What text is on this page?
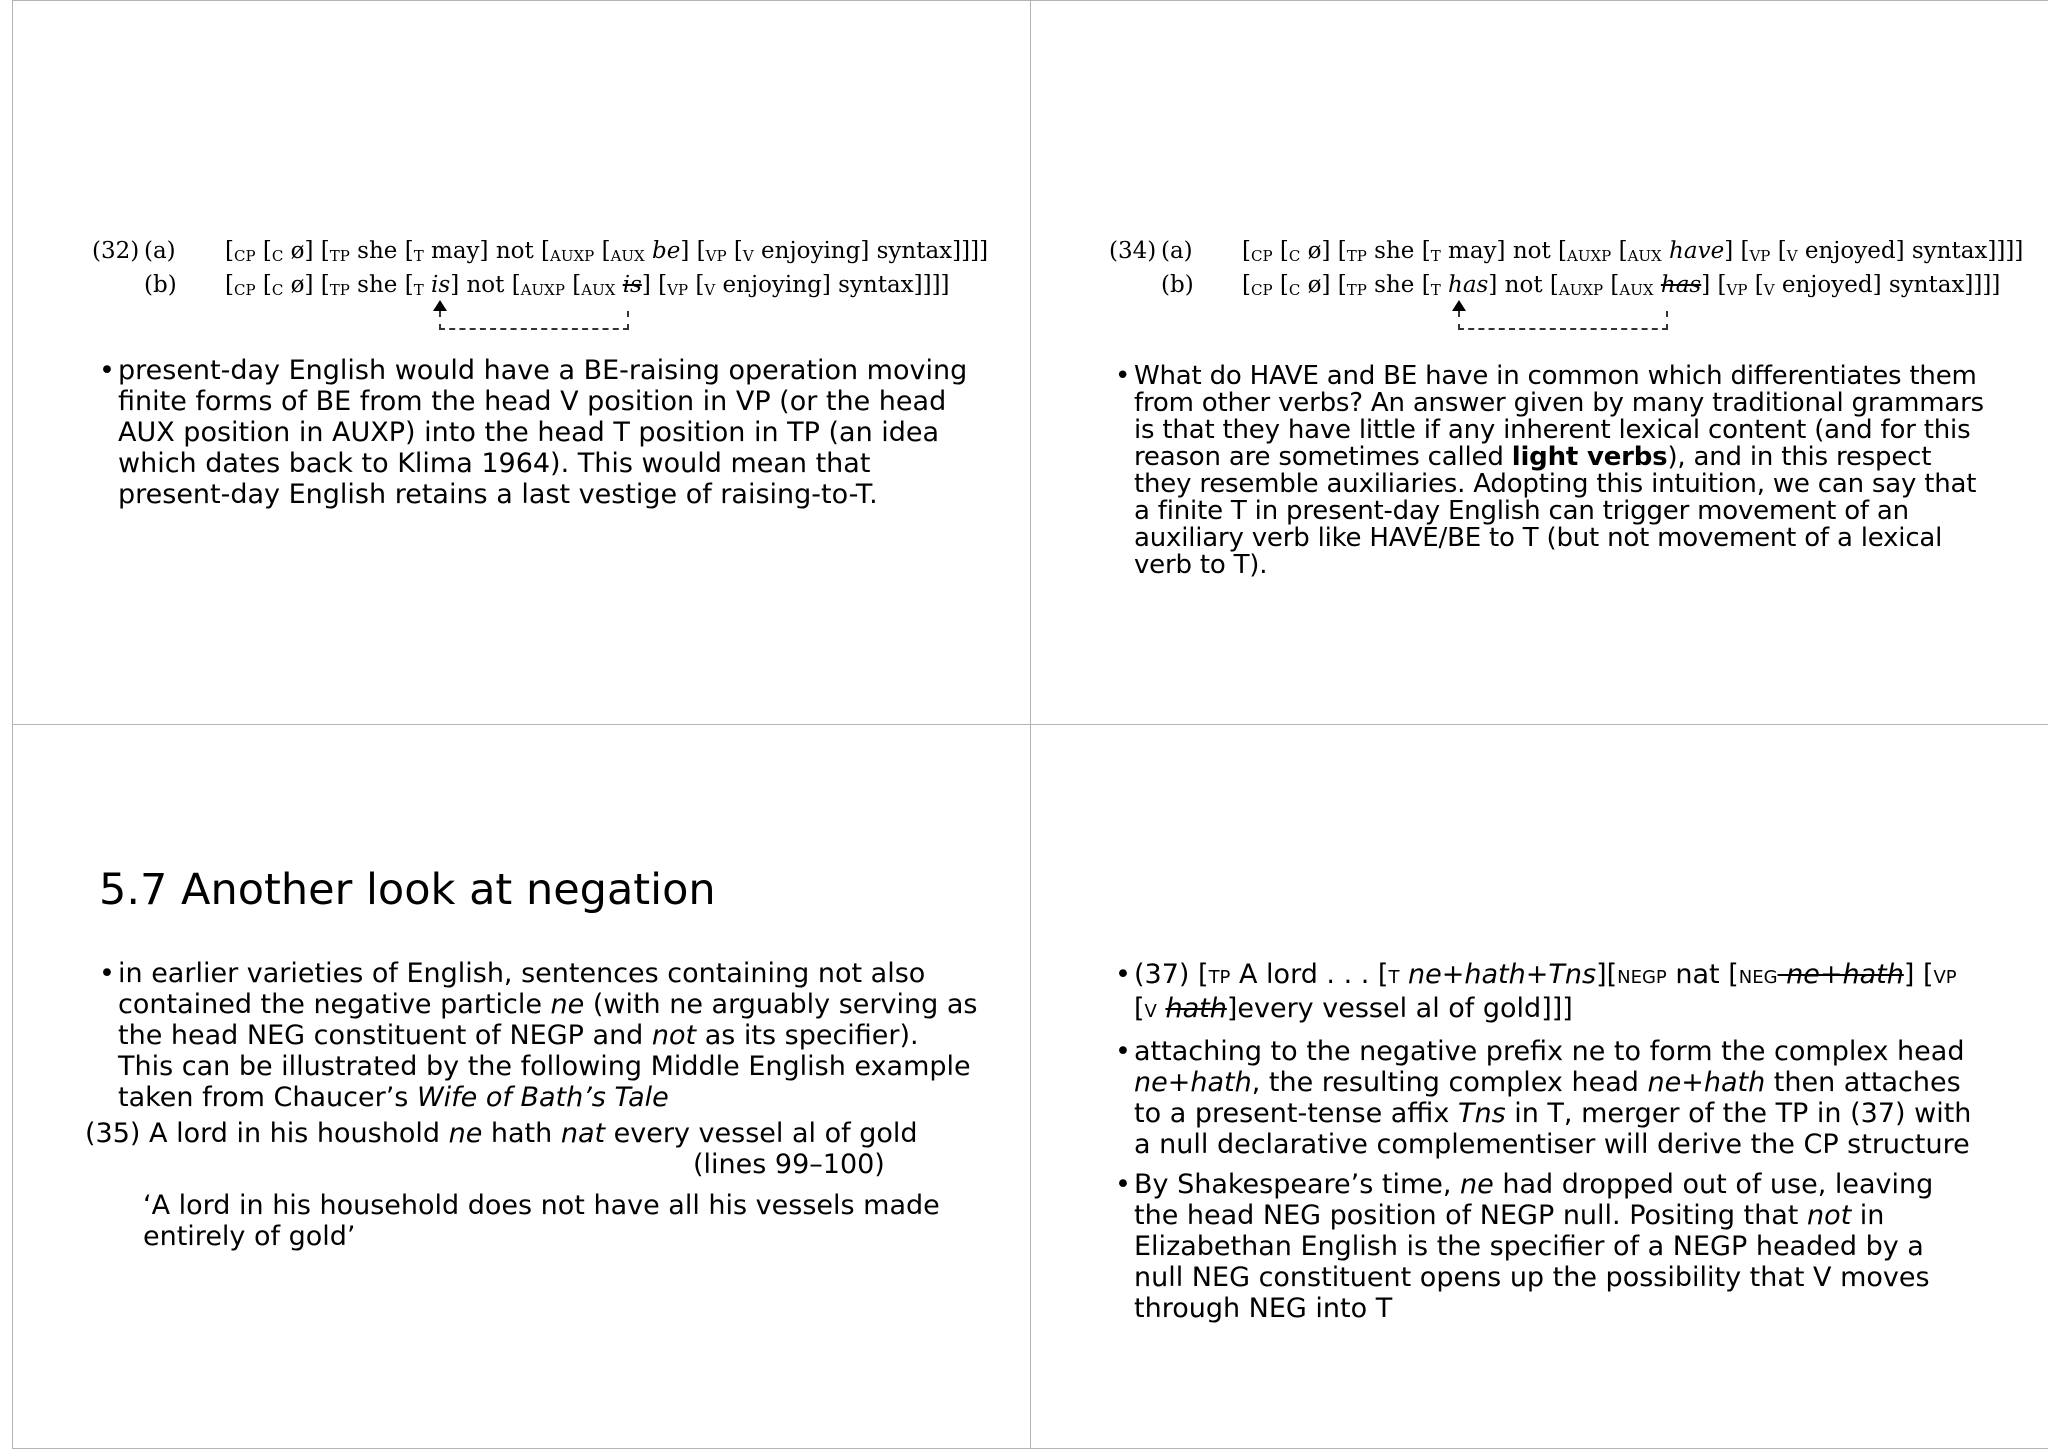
(32) (a) [$_{CP}$ [$_C$ ø] [$_{TP}$ she [$_T$ may] not [$_{AUXP}$ [$_{AUX}$ be] [$_{VP}$ [$_V$ enjoying] syntax]]]]
(b) [$_{CP}$ [$_C$ ø] [$_{TP}$ she [$_T$ is] not [$_{AUXP}$ [$_{AUX}$ is] [$_{VP}$ [$_V$ enjoying] syntax]]]]

• present-day English would have a BE-raising operation moving finite forms of BE from the head V position in VP (or the head AUX position in AUXP) into the head T position in TP (an idea which dates back to Klima 1964). This would mean that present-day English retains a last vestige of raising-to-T.

(34) (a) [$_{CP}$ [$_C$ ø] [$_{TP}$ she [$_T$ may] not [$_{AUXP}$ [$_{AUX}$ have] [$_{VP}$ [$_V$ enjoyed] syntax]]]]
(b) [$_{CP}$ [$_C$ ø] [$_{TP}$ she [$_T$ has] not [$_{AUXP}$ [$_{AUX}$ has] [$_{VP}$ [$_V$ enjoyed] syntax]]]]

• What do HAVE and BE have in common which differentiates them from other verbs? An answer given by many traditional grammars is that they have little if any inherent lexical content (and for this reason are sometimes called light verbs), and in this respect they resemble auxiliaries. Adopting this intuition, we can say that a finite T in present-day English can trigger movement of an auxiliary verb like HAVE/BE to T (but not movement of a lexical verb to T).

5.7 Another look at negation

• in earlier varieties of English, sentences containing not also contained the negative particle ne (with ne arguably serving as the head NEG constituent of NEGP and not as its specifier). This can be illustrated by the following Middle English example taken from Chaucer’s Wife of Bath’s Tale

(35) A lord in his houshold ne hath nat every vessel al of gold

(lines 99–100)

‘A lord in his household does not have all his vessels made entirely of gold’

• (37) [TP A lord . . . [T ne+hath+Tns][NEGP nat [NEG ne+hath] [VP [V hath]every vessel al of gold]]]

• attaching to the negative prefix ne to form the complex head ne+hath, the resulting complex head ne+hath then attaches to a present-tense affix Tns in T, merger of the TP in (37) with a null declarative complementiser will derive the CP structure

• By Shakespeare’s time, ne had dropped out of use, leaving the head NEG position of NEGP null. Positing that not in Elizabethan English is the specifier of a NEGP headed by a null NEG constituent opens up the possibility that V moves through NEG into T
